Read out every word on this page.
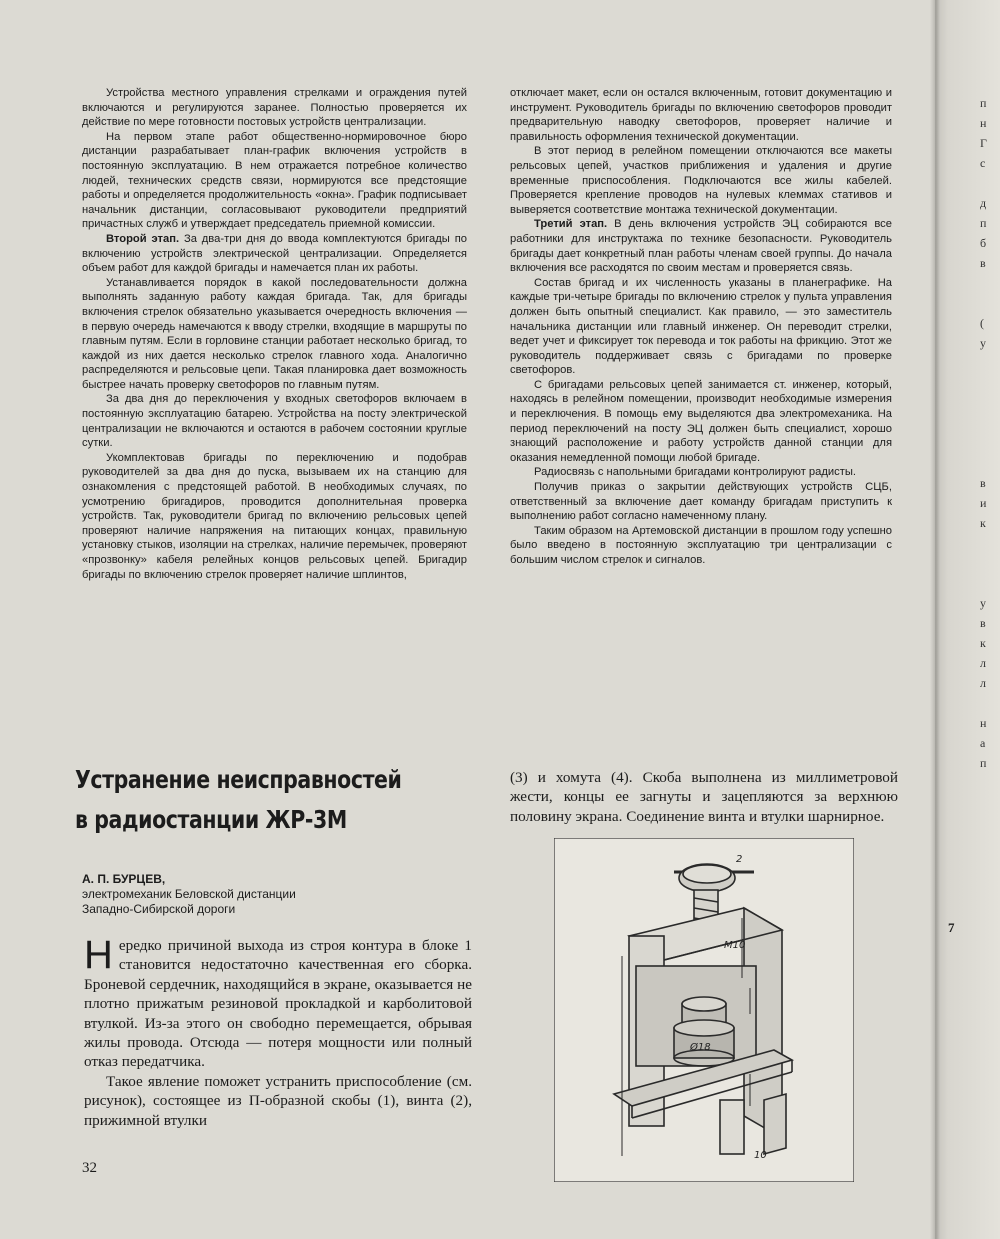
Устройства местного управления стрелками и ограждения путей включаются и регулируются заранее. Полностью проверяется их действие по мере готовности постовых устройств централизации.

На первом этапе работ общественно-нормировочное бюро дистанции разрабатывает план-график включения устройств в постоянную эксплуатацию. В нем отражается потребное количество людей, технических средств связи, нормируются все предстоящие работы и определяется продолжительность «окна». График подписывает начальник дистанции, согласовывают руководители предприятий причастных служб и утверждает председатель приемной комиссии.

Второй этап. За два-три дня до ввода комплектуются бригады по включению устройств электрической централизации. Определяется объем работ для каждой бригады и намечается план их работы.

Устанавливается порядок в какой последовательности должна выполнять заданную работу каждая бригада. Так, для бригады включения стрелок обязательно указывается очередность включения — в первую очередь намечаются к вводу стрелки, входящие в маршруты по главным путям. Если в горловине станции работает несколько бригад, то каждой из них дается несколько стрелок главного хода. Аналогично распределяются и рельсовые цепи. Такая планировка дает возможность быстрее начать проверку светофоров по главным путям.

За два дня до переключения у входных светофоров включаем в постоянную эксплуатацию батарею. Устройства на посту электрической централизации не включаются и остаются в рабочем состоянии круглые сутки.

Укомплектовав бригады по переключению и подобрав руководителей за два дня до пуска, вызываем их на станцию для ознакомления с предстоящей работой. В необходимых случаях, по усмотрению бригадиров, проводится дополнительная проверка устройств. Так, руководители бригад по включению рельсовых цепей проверяют наличие напряжения на питающих концах, правильную установку стыков, изоляции на стрелках, наличие перемычек, проверяют «прозвонку» кабеля релейных концов рельсовых цепей. Бригадир бригады по включению стрелок проверяет наличие шплинтов,

отключает макет, если он остался включенным, готовит документацию и инструмент. Руководитель бригады по включению светофоров проводит предварительную наводку светофоров, проверяет наличие и правильность оформления технической документации.

В этот период в релейном помещении отключаются все макеты рельсовых цепей, участков приближения и удаления и другие временные приспособления. Подключаются все жилы кабелей. Проверяется крепление проводов на нулевых клеммах стативов и выверяется соответствие монтажа технической документации.

Третий этап. В день включения устройств ЭЦ собираются все работники для инструктажа по технике безопасности. Руководитель бригады дает конкретный план работы членам своей группы. До начала включения все расходятся по своим местам и проверяется связь.

Состав бригад и их численность указаны в планеграфике. На каждые три-четыре бригады по включению стрелок у пульта управления должен быть опытный специалист. Как правило, — это заместитель начальника дистанции или главный инженер. Он переводит стрелки, ведет учет и фиксирует ток перевода и ток работы на фрикцию. Этот же руководитель поддерживает связь с бригадами по проверке светофоров.

С бригадами рельсовых цепей занимается ст. инженер, который, находясь в релейном помещении, производит необходимые измерения и переключения. В помощь ему выделяются два электромеханика. На период переключений на посту ЭЦ должен быть специалист, хорошо знающий расположение и работу устройств данной станции для оказания немедленной помощи любой бригаде.

Радиосвязь с напольными бригадами контролируют радисты.

Получив приказ о закрытии действующих устройств СЦБ, ответственный за включение дает команду бригадам приступить к выполнению работ согласно намеченному плану.

Таким образом на Артемовской дистанции в прошлом году успешно было введено в постоянную эксплуатацию три централизации с большим числом стрелок и сигналов.

Устранение неисправностей
в радиостанции ЖР-3М
А. П. БУРЦЕВ,
электромеханик Беловской дистанции
Западно-Сибирской дороги

Нередко причиной выхода из строя контура в блоке 1 становится недостаточно качественная его сборка. Броневой сердечник, находящийся в экране, оказывается не плотно прижатым резиновой прокладкой и карболитовой втулкой. Из-за этого он свободно перемещается, обрывая жилы провода. Отсюда — потеря мощности или полный отказ передатчика.

Такое явление поможет устранить приспособление (см. рисунок), состоящее из П-образной скобы (1), винта (2), прижимной втулки

(3) и хомута (4). Скоба выполнена из миллиметровой жести, концы ее загнуты и зацепляются за верхнюю половину экрана. Соединение винта и втулки шарнирное.

M10
Ø18
2
10
32
п
н
Г
с
д
п
б
в
(
у
в
и
к
у
в
к
л
л
н
а
п
7
